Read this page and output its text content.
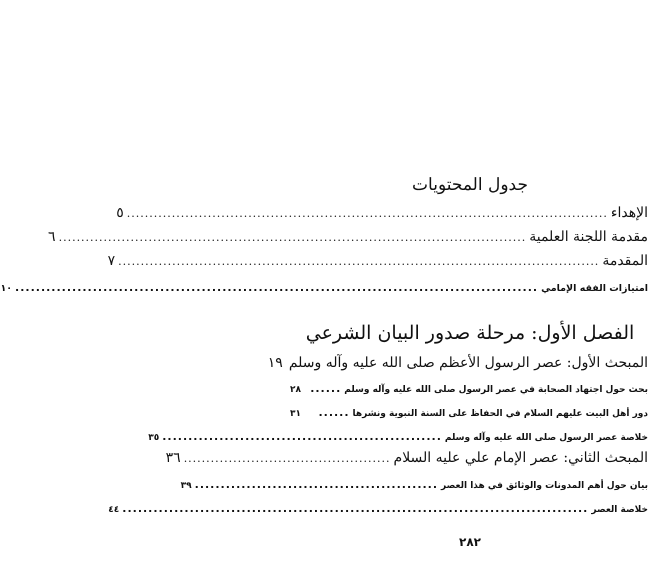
جدول المحتويات
الإهداء
...........................................................................................................
٥
مقدمة اللجنة العلمية
........................................................................................................
٦
المقدمة
...........................................................................................................
٧
امتيازات الفقه الإمامي
.....................................................................................................
١٠
الفصل الأول: مرحلة صدور البيان الشرعي
المبحث الأول: عصر الرسول الأعظم صلى الله عليه وآله وسلم
١٩
بحث حول اجتهاد الصحابة في عصر الرسول صلى الله عليه وآله وسلم
......
٢٨
دور أهل البيت عليهم السلام في الحفاظ على السنة النبوية ونشرها
......
٣١
خلاصة عصر الرسول صلى الله عليه وآله وسلم
......................................................
٣٥
المبحث الثاني: عصر الإمام علي عليه السلام
..............................................
٣٦
بيان حول أهم المدونات والوثائق في هذا العصر
...............................................
٣٩
خلاصة العصر
..........................................................................................
٤٤
٢٨٢
